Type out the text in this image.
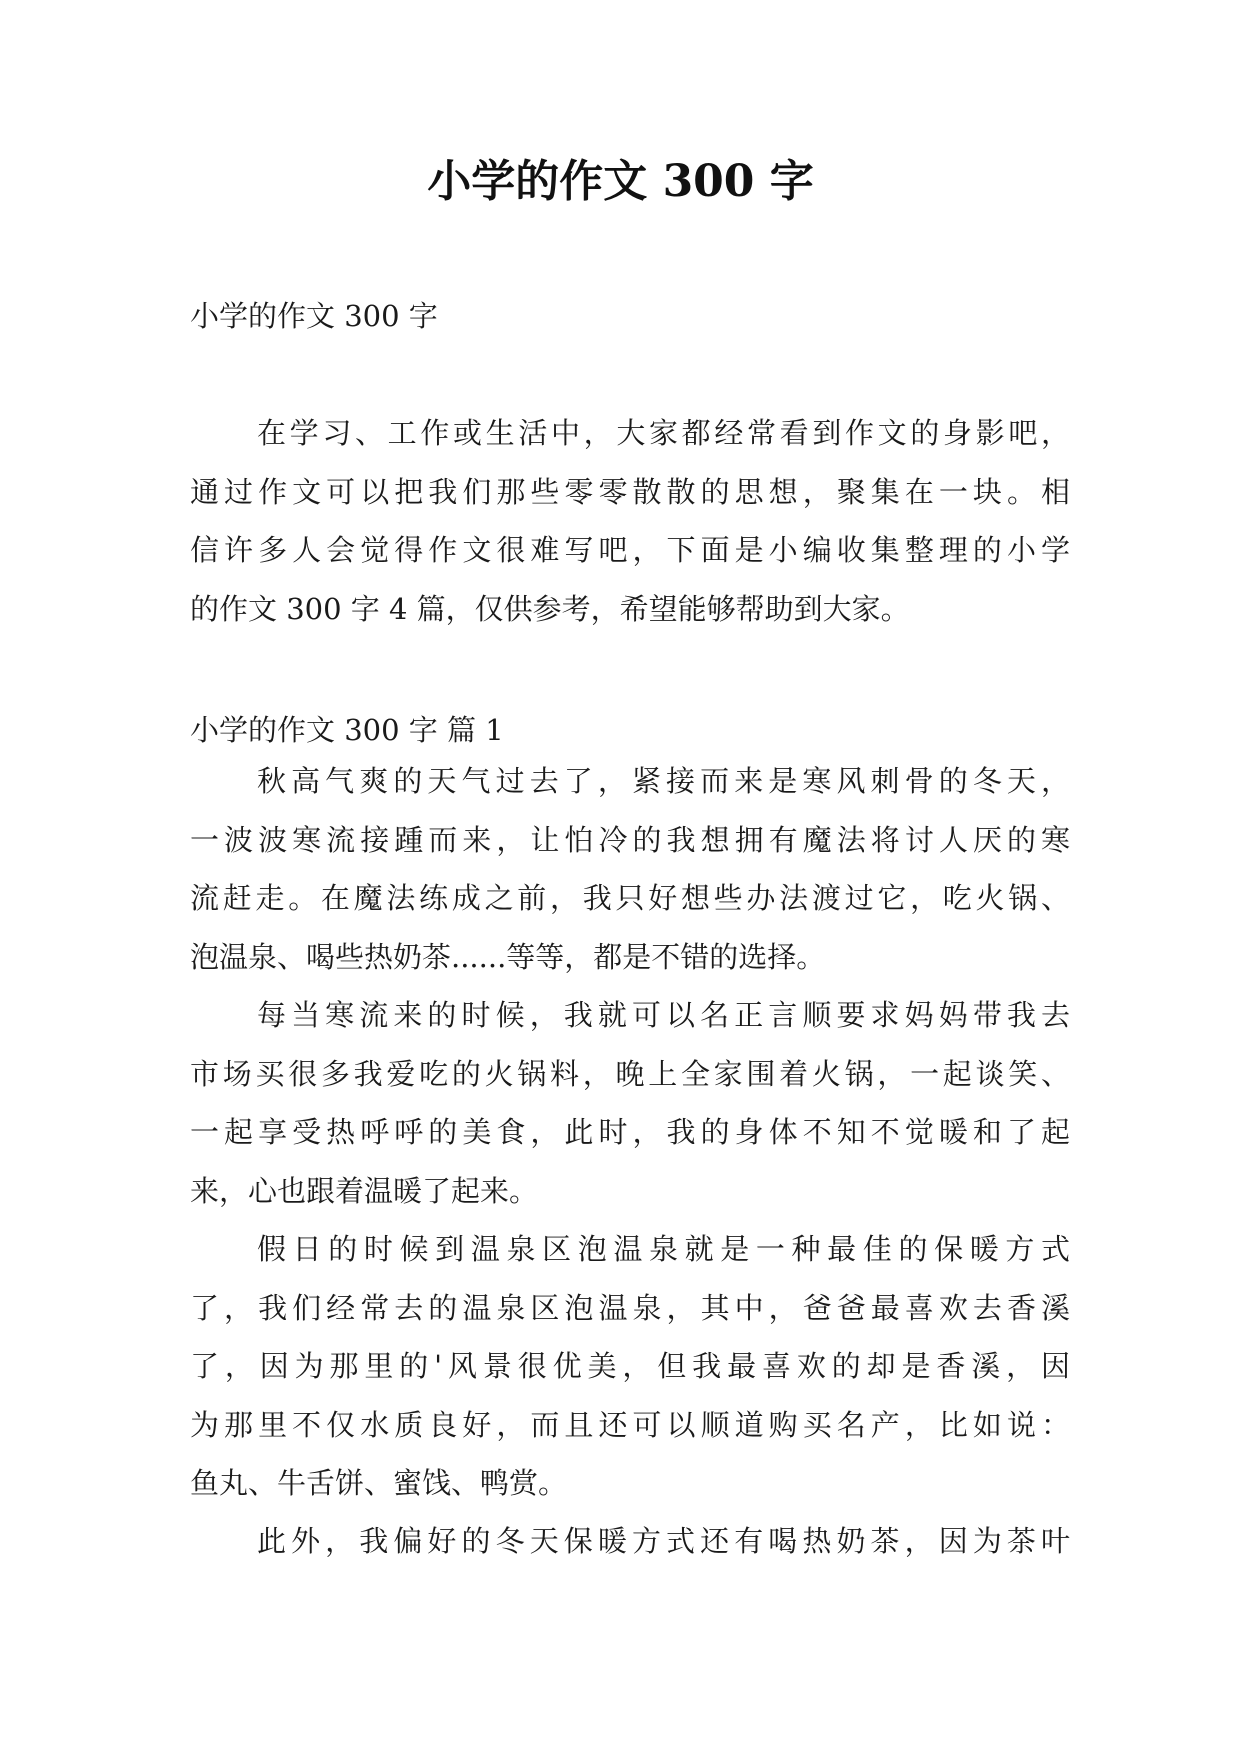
小学的作文 300 字

小学的作文 300 字

在学习、工作或生活中，大家都经常看到作文的身影吧，
通过作文可以把我们那些零零散散的思想，聚集在一块。相
信许多人会觉得作文很难写吧，下面是小编收集整理的小学
的作文 300 字 4 篇，仅供参考，希望能够帮助到大家。

小学的作文 300 字 篇 1

秋高气爽的天气过去了，紧接而来是寒风刺骨的冬天，
一波波寒流接踵而来，让怕冷的我想拥有魔法将讨人厌的寒
流赶走。在魔法练成之前，我只好想些办法渡过它，吃火锅、
泡温泉、喝些热奶茶......等等，都是不错的选择。

每当寒流来的时候，我就可以名正言顺要求妈妈带我去
市场买很多我爱吃的火锅料，晚上全家围着火锅，一起谈笑、
一起享受热呼呼的美食，此时，我的身体不知不觉暖和了起
来，心也跟着温暖了起来。

假日的时候到温泉区泡温泉就是一种最佳的保暖方式
了，我们经常去的温泉区泡温泉，其中，爸爸最喜欢去香溪
了，因为那里的'风景很优美，但我最喜欢的却是香溪，因
为那里不仅水质良好，而且还可以顺道购买名产，比如说：
鱼丸、牛舌饼、蜜饯、鸭赏。

此外，我偏好的冬天保暖方式还有喝热奶茶，因为茶叶
